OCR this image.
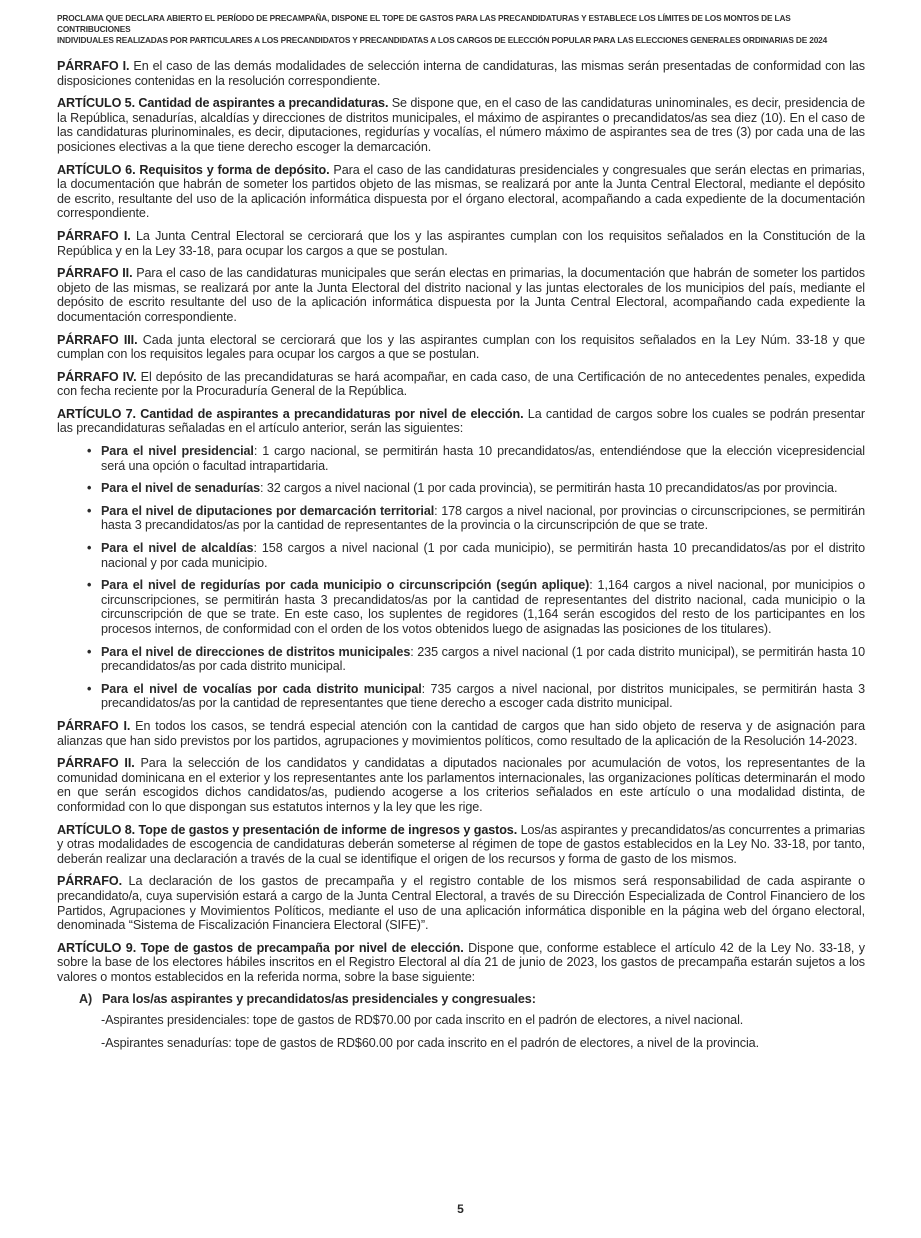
PROCLAMA QUE DECLARA ABIERTO EL PERÍODO DE PRECAMPAÑA, DISPONE EL TOPE DE GASTOS PARA LAS PRECANDIDATURAS Y ESTABLECE LOS LÍMITES DE LOS MONTOS DE LAS CONTRIBUCIONES
INDIVIDUALES REALIZADAS POR PARTICULARES A LOS PRECANDIDATOS Y PRECANDIDATAS A LOS CARGOS DE ELECCIÓN POPULAR PARA LAS ELECCIONES GENERALES ORDINARIAS DE 2024

PÁRRAFO I. En el caso de las demás modalidades de selección interna de candidaturas, las mismas serán presentadas de conformidad con las disposiciones contenidas en la resolución correspondiente.

ARTÍCULO 5. Cantidad de aspirantes a precandidaturas. Se dispone que, en el caso de las candidaturas uninominales, es decir, presidencia de la República, senadurías, alcaldías y direcciones de distritos municipales, el máximo de aspirantes o precandidatos/as sea diez (10). En el caso de las candidaturas plurinominales, es decir, diputaciones, regidurías y vocalías, el número máximo de aspirantes sea de tres (3) por cada una de las posiciones electivas a la que tiene derecho escoger la demarcación.

ARTÍCULO 6. Requisitos y forma de depósito. Para el caso de las candidaturas presidenciales y congresuales que serán electas en primarias, la documentación que habrán de someter los partidos objeto de las mismas, se realizará por ante la Junta Central Electoral, mediante el depósito de escrito, resultante del uso de la aplicación informática dispuesta por el órgano electoral, acompañando a cada expediente de la documentación correspondiente.

PÁRRAFO I. La Junta Central Electoral se cerciorará que los y las aspirantes cumplan con los requisitos señalados en la Constitución de la República y en la Ley 33-18, para ocupar los cargos a que se postulan.

PÁRRAFO II. Para el caso de las candidaturas municipales que serán electas en primarias, la documentación que habrán de someter los partidos objeto de las mismas, se realizará por ante la Junta Electoral del distrito nacional y las juntas electorales de los municipios del país, mediante el depósito de escrito resultante del uso de la aplicación informática dispuesta por la Junta Central Electoral, acompañando cada expediente la documentación correspondiente.

PÁRRAFO III. Cada junta electoral se cerciorará que los y las aspirantes cumplan con los requisitos señalados en la Ley Núm. 33-18 y que cumplan con los requisitos legales para ocupar los cargos a que se postulan.

PÁRRAFO IV. El depósito de las precandidaturas se hará acompañar, en cada caso, de una Certificación de no antecedentes penales, expedida con fecha reciente por la Procuraduría General de la República.

ARTÍCULO 7. Cantidad de aspirantes a precandidaturas por nivel de elección. La cantidad de cargos sobre los cuales se podrán presentar las precandidaturas señaladas en el artículo anterior, serán las siguientes:

• Para el nivel presidencial: 1 cargo nacional, se permitirán hasta 10 precandidatos/as, entendiéndose que la elección vicepresidencial será una opción o facultad intrapartidaria.
• Para el nivel de senadurías: 32 cargos a nivel nacional (1 por cada provincia), se permitirán hasta 10 precandidatos/as por provincia.
• Para el nivel de diputaciones por demarcación territorial: 178 cargos a nivel nacional, por provincias o circunscripciones, se permitirán hasta 3 precandidatos/as por la cantidad de representantes de la provincia o la circunscripción de que se trate.
• Para el nivel de alcaldías: 158 cargos a nivel nacional (1 por cada municipio), se permitirán hasta 10 precandidatos/as por el distrito nacional y por cada municipio.
• Para el nivel de regidurías por cada municipio o circunscripción (según aplique): 1,164 cargos a nivel nacional, por municipios o circunscripciones, se permitirán hasta 3 precandidatos/as por la cantidad de representantes del distrito nacional, cada municipio o la circunscripción de que se trate. En este caso, los suplentes de regidores (1,164 serán escogidos del resto de los participantes en los procesos internos, de conformidad con el orden de los votos obtenidos luego de asignadas las posiciones de los titulares).
• Para el nivel de direcciones de distritos municipales: 235 cargos a nivel nacional (1 por cada distrito municipal), se permitirán hasta 10 precandidatos/as por cada distrito municipal.
• Para el nivel de vocalías por cada distrito municipal: 735 cargos a nivel nacional, por distritos municipales, se permitirán hasta 3 precandidatos/as por la cantidad de representantes que tiene derecho a escoger cada distrito municipal.

PÁRRAFO I. En todos los casos, se tendrá especial atención con la cantidad de cargos que han sido objeto de reserva y de asignación para alianzas que han sido previstos por los partidos, agrupaciones y movimientos políticos, como resultado de la aplicación de la Resolución 14-2023.

PÁRRAFO II. Para la selección de los candidatos y candidatas a diputados nacionales por acumulación de votos, los representantes de la comunidad dominicana en el exterior y los representantes ante los parlamentos internacionales, las organizaciones políticas determinarán el modo en que serán escogidos dichos candidatos/as, pudiendo acogerse a los criterios señalados en este artículo o una modalidad distinta, de conformidad con lo que dispongan sus estatutos internos y la ley que les rige.

ARTÍCULO 8. Tope de gastos y presentación de informe de ingresos y gastos. Los/as aspirantes y precandidatos/as concurrentes a primarias y otras modalidades de escogencia de candidaturas deberán someterse al régimen de tope de gastos establecidos en la Ley No. 33-18, por tanto, deberán realizar una declaración a través de la cual se identifique el origen de los recursos y forma de gasto de los mismos.

PÁRRAFO. La declaración de los gastos de precampaña y el registro contable de los mismos será responsabilidad de cada aspirante o precandidato/a, cuya supervisión estará a cargo de la Junta Central Electoral, a través de su Dirección Especializada de Control Financiero de los Partidos, Agrupaciones y Movimientos Políticos, mediante el uso de una aplicación informática disponible en la página web del órgano electoral, denominada “Sistema de Fiscalización Financiera Electoral (SIFE)”.

ARTÍCULO 9. Tope de gastos de precampaña por nivel de elección. Dispone que, conforme establece el artículo 42 de la Ley No. 33-18, y sobre la base de los electores hábiles inscritos en el Registro Electoral al día 21 de junio de 2023, los gastos de precampaña estarán sujetos a los valores o montos establecidos en la referida norma, sobre la base siguiente:

A) Para los/as aspirantes y precandidatos/as presidenciales y congresuales:
-Aspirantes presidenciales: tope de gastos de RD$70.00 por cada inscrito en el padrón de electores, a nivel nacional.
-Aspirantes senadurías: tope de gastos de RD$60.00 por cada inscrito en el padrón de electores, a nivel de la provincia.
5
